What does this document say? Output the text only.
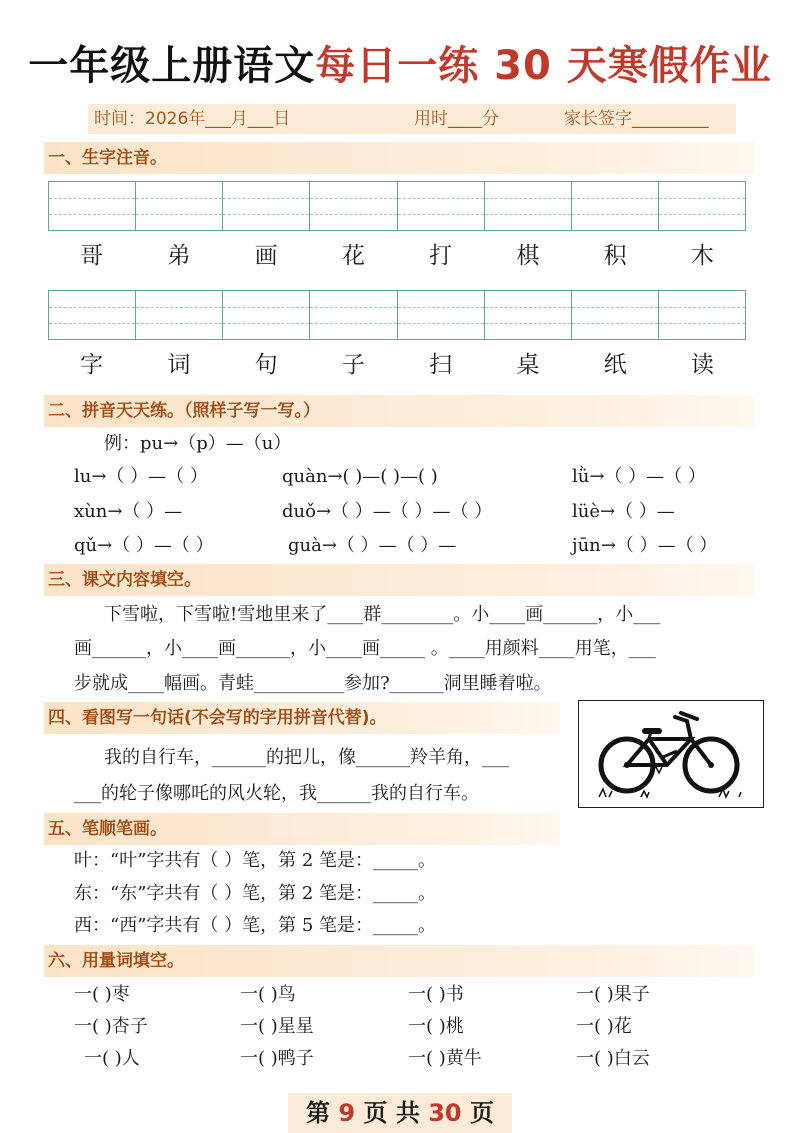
一年级上册语文每日一练 30 天寒假作业
时间：2026年___月___日	用时____分	家长签字_________
一、生字注音。
哥	弟	画	花	打	棋	积	木
字	词	句	子	扫	桌	纸	读
二、拼音天天练。（照样子写一写。）
例：pu→（p）—（u）
lu→（ ）—（ ）	quàn→( )—( )—( )	lǜ→（ ）—（ ）
xùn→（ ）—	duǒ→（ ）—（ ）—（ ）	lüè→（ ）—
qǔ→（ ）—（ ）	guà→（ ）—（ ）—	jūn→（ ）—（ ）
三、课文内容填空。
下雪啦，下雪啦!雪地里来了____群________。小____画______，小___
画______，小____画______，小____画_____ 。____用颜料____用笔，___
步就成____幅画。青蛙__________参加?______洞里睡着啦。
四、看图写一句话(不会写的字用拼音代替)。
我的自行车，______的把儿，像______羚羊角，___
___的轮子像哪吒的风火轮，我______我的自行车。
五、笔顺笔画。
叶：“叶”字共有（ ）笔，第 2 笔是：_____。
东：“东”字共有（ ）笔，第 2 笔是：_____。
西：“西”字共有（ ）笔，第 5 笔是：_____。
六、用量词填空。
一( )枣	一( )鸟	一( )书	一( )果子
一( )杏子	一( )星星	一( )桃	一( )花
一( )人	一( )鸭子	一( )黄牛	一( )白云
第 9 页 共 30 页
